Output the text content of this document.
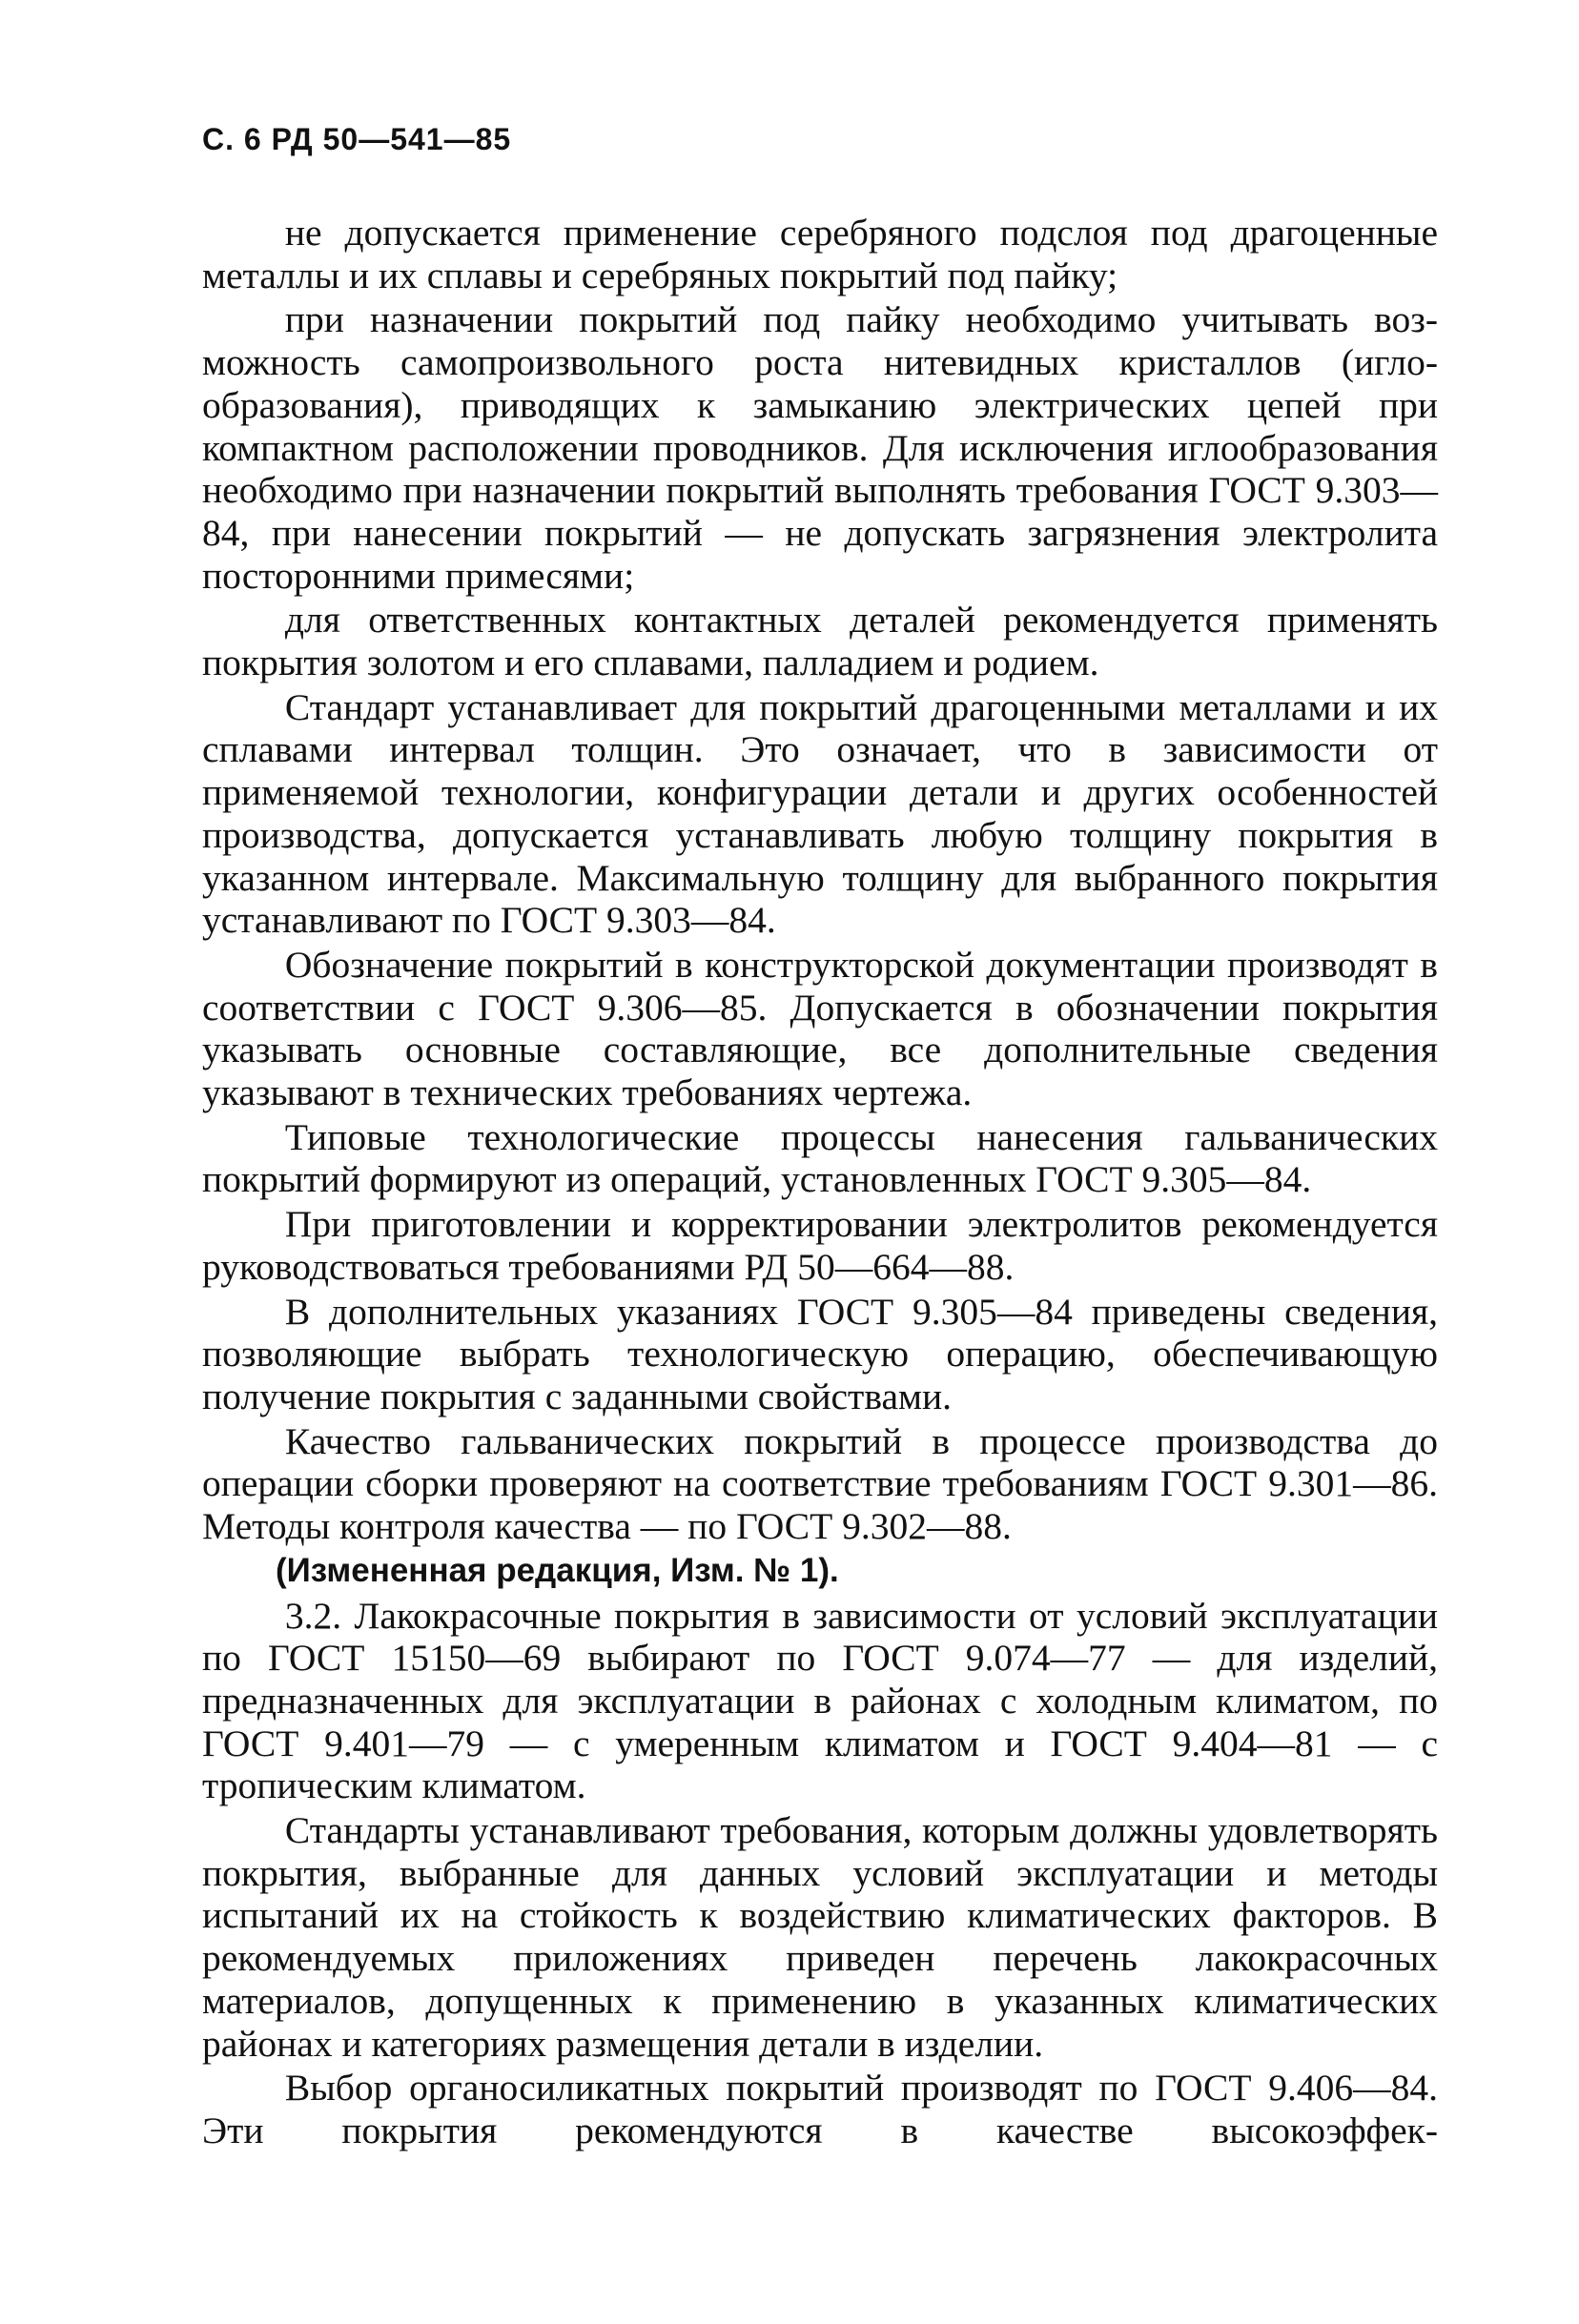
С. 6 РД 50—541—85

не допускается применение серебряного подслоя под драгоценные металлы и их сплавы и серебряных покрытий под пайку;

при назначении покрытий под пайку необходимо учитывать возможность самопроизвольного роста нитевидных кристаллов (иглообразования), приводящих к замыканию электрических цепей при компактном расположении проводников. Для исключения иглообразования необходимо при назначении покрытий выполнять требования ГОСТ 9.303—84, при нанесении покрытий — не допускать загрязнения электролита посторонними примесями;

для ответственных контактных деталей рекомендуется применять покрытия золотом и его сплавами, палладием и родием.

Стандарт устанавливает для покрытий драгоценными металлами и их сплавами интервал толщин. Это означает, что в зависимости от применяемой технологии, конфигурации детали и других особенностей производства, допускается устанавливать любую толщину покрытия в указанном интервале. Максимальную толщину для выбранного покрытия устанавливают по ГОСТ 9.303—84.

Обозначение покрытий в конструкторской документации производят в соответствии с ГОСТ 9.306—85. Допускается в обозначении покрытия указывать основные составляющие, все дополнительные сведения указывают в технических требованиях чертежа.

Типовые технологические процессы нанесения гальванических покрытий формируют из операций, установленных ГОСТ 9.305—84.

При приготовлении и корректировании электролитов рекомендуется руководствоваться требованиями РД 50—664—88.

В дополнительных указаниях ГОСТ 9.305—84 приведены сведения, позволяющие выбрать технологическую операцию, обеспечивающую получение покрытия с заданными свойствами.

Качество гальванических покрытий в процессе производства до операции сборки проверяют на соответствие требованиям ГОСТ 9.301—86. Методы контроля качества — по ГОСТ 9.302—88.

(Измененная редакция, Изм. № 1).

3.2. Лакокрасочные покрытия в зависимости от условий эксплуатации по ГОСТ 15150—69 выбирают по ГОСТ 9.074—77 — для изделий, предназначенных для эксплуатации в районах с холодным климатом, по ГОСТ 9.401—79 — с умеренным климатом и ГОСТ 9.404—81 — с тропическим климатом.

Стандарты устанавливают требования, которым должны удовлетворять покрытия, выбранные для данных условий эксплуатации и методы испытаний их на стойкость к воздействию климатических факторов. В рекомендуемых приложениях приведен перечень лакокрасочных материалов, допущенных к применению в указанных климатических районах и категориях размещения детали в изделии.

Выбор органосиликатных покрытий производят по ГОСТ 9.406—84. Эти покрытия рекомендуются в качестве высокоэффек-
